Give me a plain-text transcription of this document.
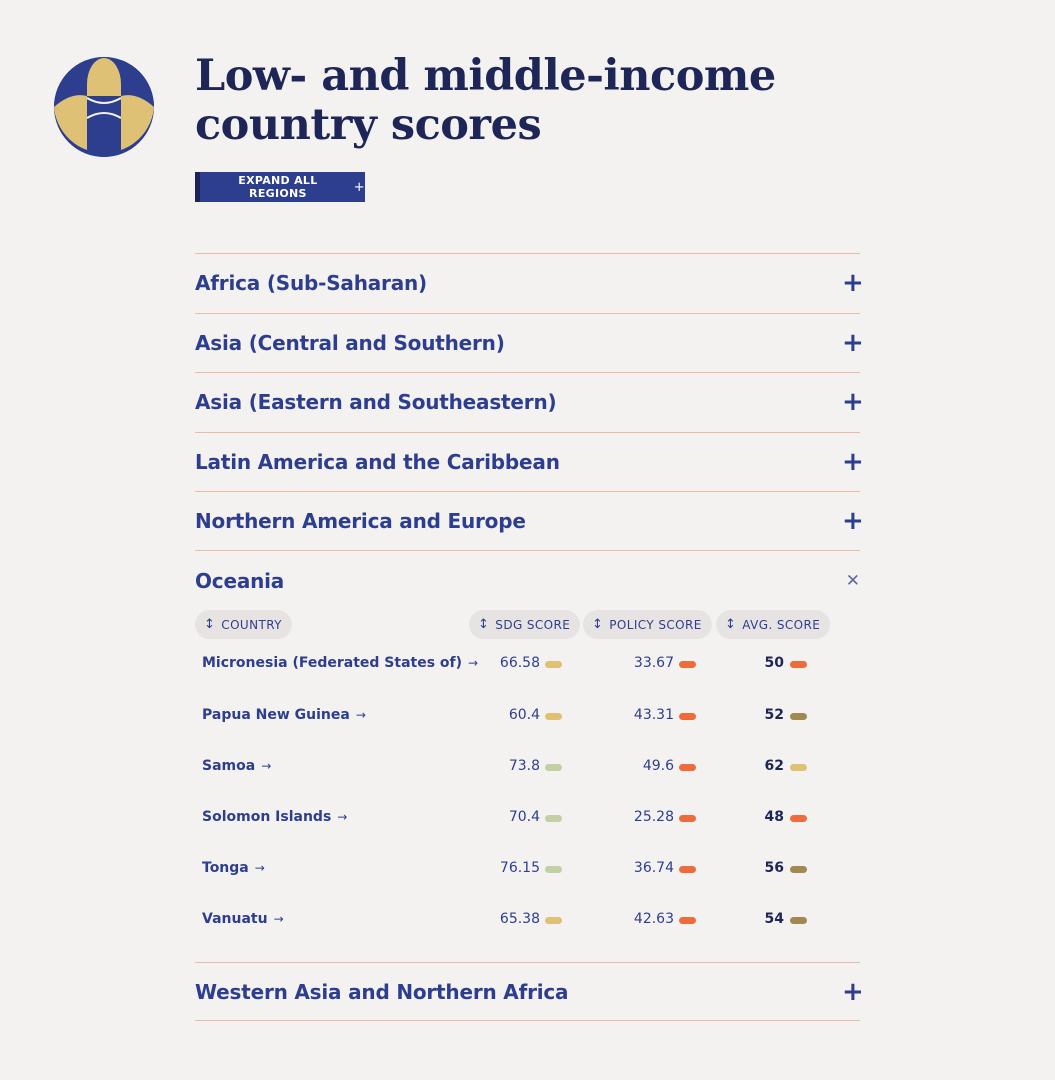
Low- and middle-income
country scores
EXPAND ALL REGIONS	+
Africa (Sub-Saharan)	+
Asia (Central and Southern)	+
Asia (Eastern and Southeastern)	+
Latin America and the Caribbean	+
Northern America and Europe	+
Oceania	✕
↕ COUNTRY	↕ SDG SCORE ↕ POLICY SCORE ↕ AVG. SCORE
Micronesia (Federated States of) → 66.58	33.67	50
Papua New Guinea →	60.4	43.31	52
Samoa →	73.8	49.6	62
Solomon Islands →	70.4	25.28	48
Tonga →	76.15	36.74	56
Vanuatu →	65.38	42.63	54
Western Asia and Northern Africa	+
